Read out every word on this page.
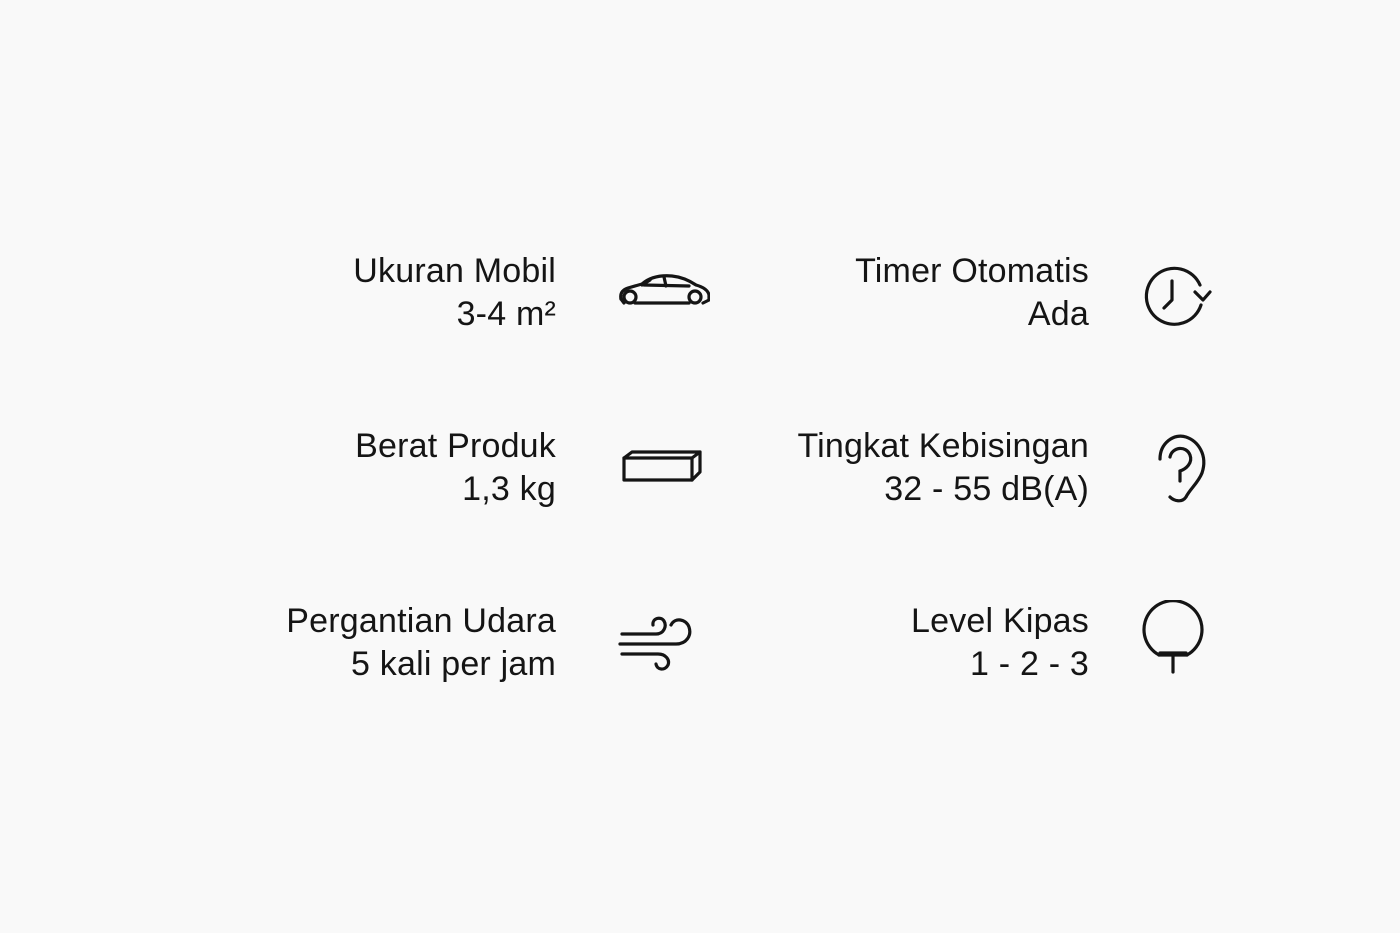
Ukuran Mobil
3-4 m²
Timer Otomatis
Ada
Berat Produk
1,3 kg
Tingkat Kebisingan
32 - 55 dB(A)
Pergantian Udara
5 kali per jam
Level Kipas
1 - 2 - 3
